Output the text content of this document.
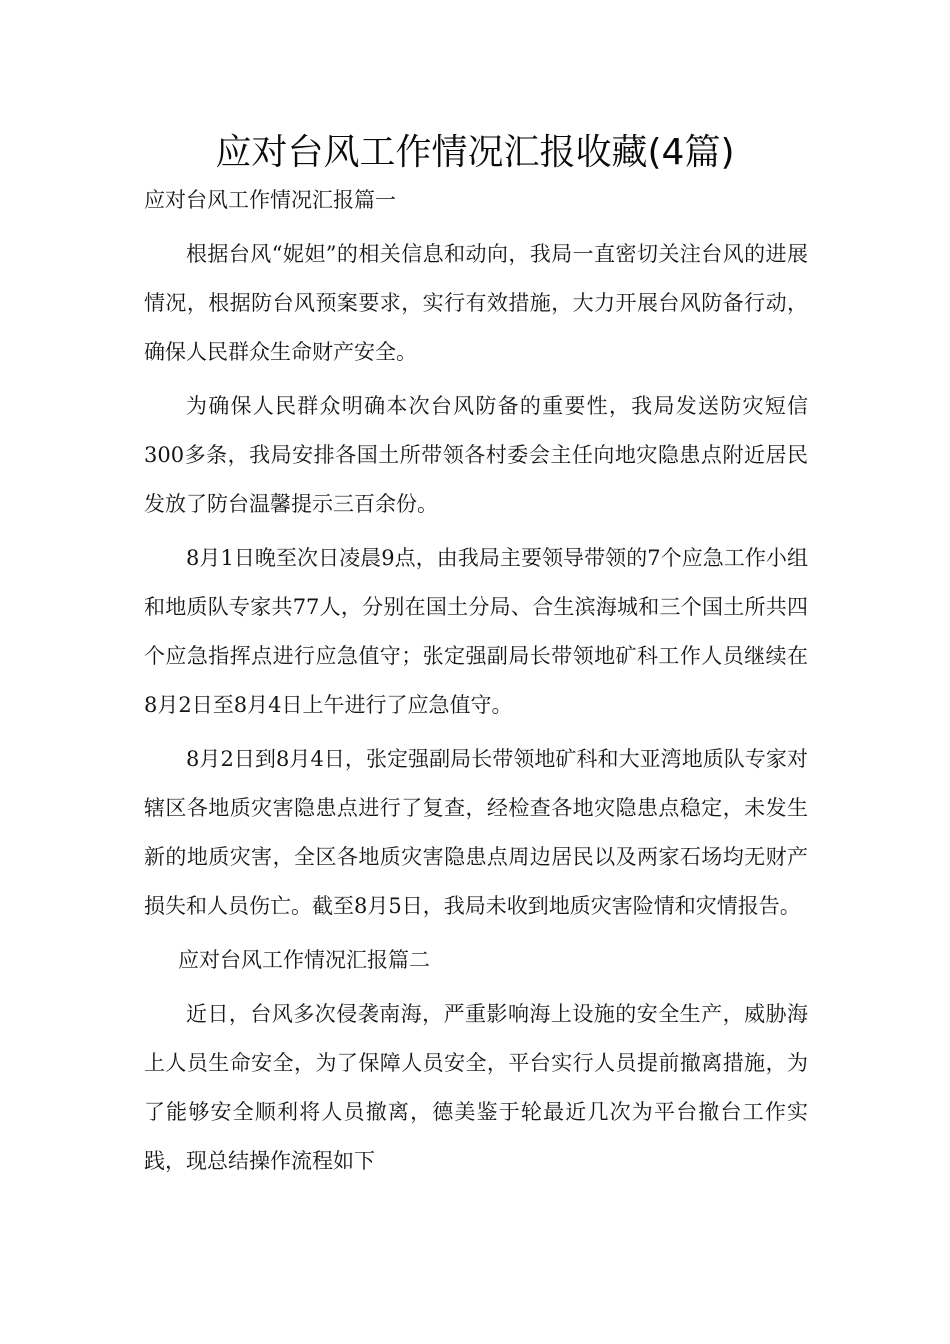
应对台风工作情况汇报收藏(4篇)

应对台风工作情况汇报篇一

根据台风“妮妲”的相关信息和动向，我局一直密切关注台风的进展情况，根据防台风预案要求，实行有效措施，大力开展台风防备行动，确保人民群众生命财产安全。

为确保人民群众明确本次台风防备的重要性，我局发送防灾短信300多条，我局安排各国土所带领各村委会主任向地灾隐患点附近居民发放了防台温馨提示三百余份。

8月1日晚至次日凌晨9点，由我局主要领导带领的7个应急工作小组和地质队专家共77人，分别在国土分局、合生滨海城和三个国土所共四个应急指挥点进行应急值守；张定强副局长带领地矿科工作人员继续在8月2日至8月4日上午进行了应急值守。

8月2日到8月4日，张定强副局长带领地矿科和大亚湾地质队专家对辖区各地质灾害隐患点进行了复查，经检查各地灾隐患点稳定，未发生新的地质灾害，全区各地质灾害隐患点周边居民以及两家石场均无财产损失和人员伤亡。截至8月5日，我局未收到地质灾害险情和灾情报告。

应对台风工作情况汇报篇二

近日，台风多次侵袭南海，严重影响海上设施的安全生产，威胁海上人员生命安全，为了保障人员安全，平台实行人员提前撤离措施，为了能够安全顺利将人员撤离，德美鉴于轮最近几次为平台撤台工作实践，现总结操作流程如下
